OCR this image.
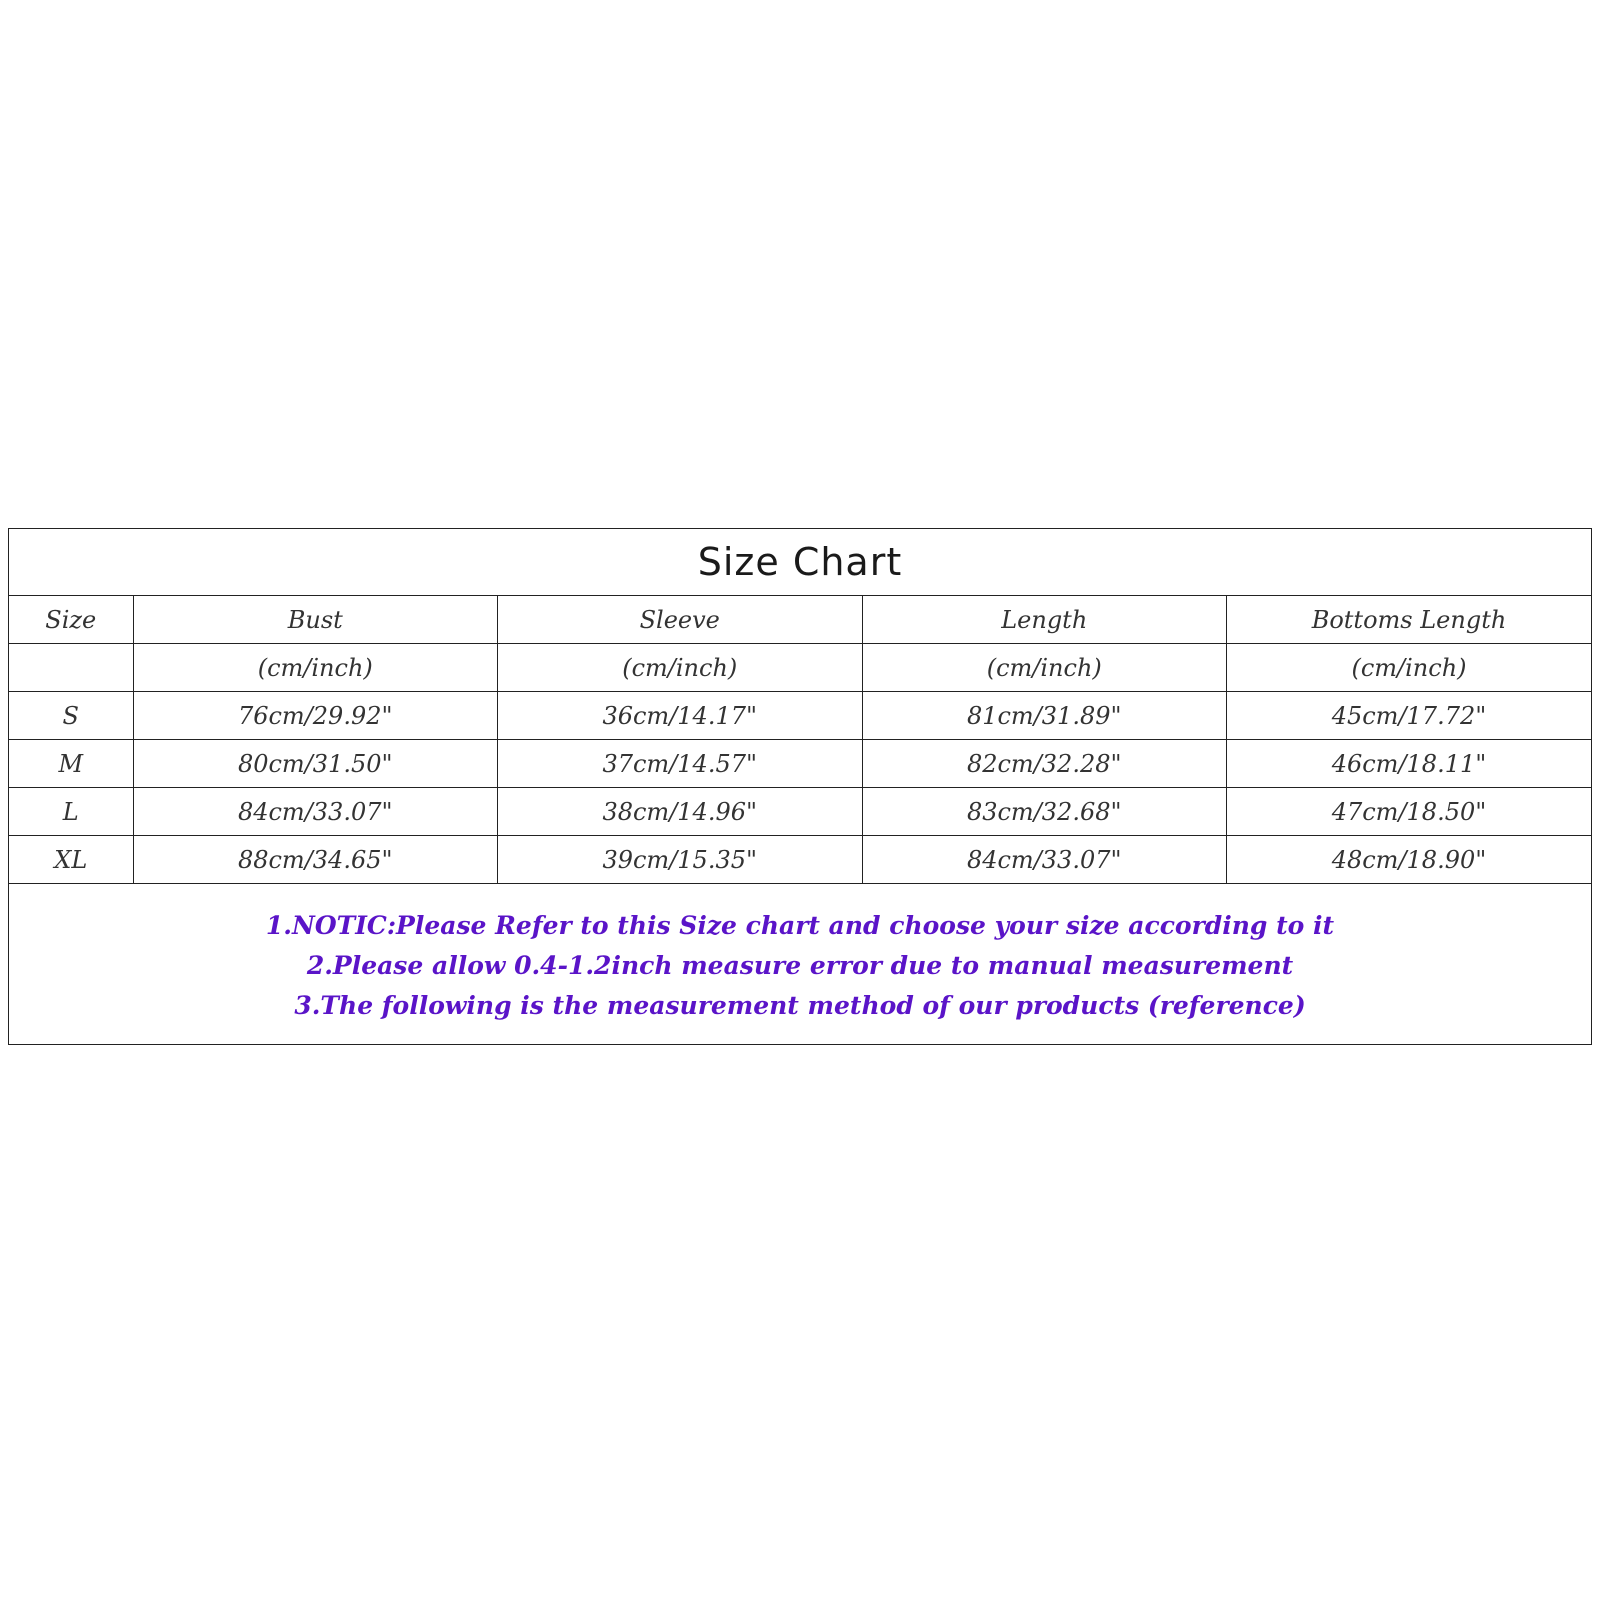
Size Chart
Size	Bust	Sleeve	Length	Bottoms Length
	(cm/inch)	(cm/inch)	(cm/inch)	(cm/inch)
S	76cm/29.92"	36cm/14.17"	81cm/31.89"	45cm/17.72"
M	80cm/31.50"	37cm/14.57"	82cm/32.28"	46cm/18.11"
L	84cm/33.07"	38cm/14.96"	83cm/32.68"	47cm/18.50"
XL	88cm/34.65"	39cm/15.35"	84cm/33.07"	48cm/18.90"
1.NOTIC:Please Refer to this Size chart and choose your size according to it
2.Please allow 0.4-1.2inch measure error due to manual measurement
3.The following is the measurement method of our products (reference)
